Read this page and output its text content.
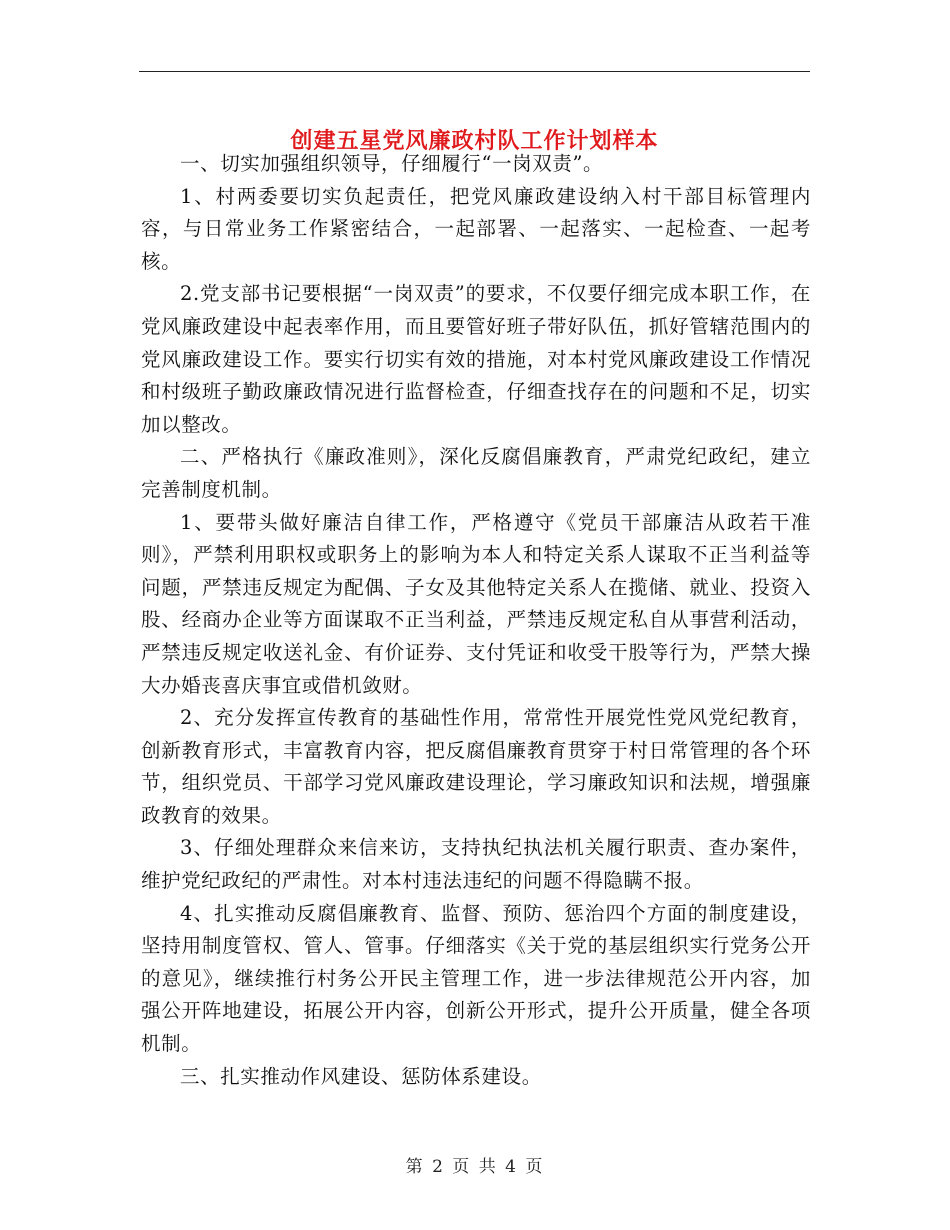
创建五星党风廉政村队工作计划样本

一、切实加强组织领导，仔细履行“一岗双责”。

1、村两委要切实负起责任，把党风廉政建设纳入村干部目标管理内容，与日常业务工作紧密结合，一起部署、一起落实、一起检查、一起考核。

2.党支部书记要根据“一岗双责”的要求，不仅要仔细完成本职工作，在党风廉政建设中起表率作用，而且要管好班子带好队伍，抓好管辖范围内的党风廉政建设工作。要实行切实有效的措施，对本村党风廉政建设工作情况和村级班子勤政廉政情况进行监督检查，仔细查找存在的问题和不足，切实加以整改。

二、严格执行《廉政准则》，深化反腐倡廉教育，严肃党纪政纪，建立完善制度机制。

1、要带头做好廉洁自律工作，严格遵守《党员干部廉洁从政若干准则》，严禁利用职权或职务上的影响为本人和特定关系人谋取不正当利益等问题，严禁违反规定为配偶、子女及其他特定关系人在揽储、就业、投资入股、经商办企业等方面谋取不正当利益，严禁违反规定私自从事营利活动，严禁违反规定收送礼金、有价证券、支付凭证和收受干股等行为，严禁大操大办婚丧喜庆事宜或借机敛财。

2、充分发挥宣传教育的基础性作用，常常性开展党性党风党纪教育，创新教育形式，丰富教育内容，把反腐倡廉教育贯穿于村日常管理的各个环节，组织党员、干部学习党风廉政建设理论，学习廉政知识和法规，增强廉政教育的效果。

3、仔细处理群众来信来访，支持执纪执法机关履行职责、查办案件，维护党纪政纪的严肃性。对本村违法违纪的问题不得隐瞒不报。

4、扎实推动反腐倡廉教育、监督、预防、惩治四个方面的制度建设，坚持用制度管权、管人、管事。仔细落实《关于党的基层组织实行党务公开的意见》，继续推行村务公开民主管理工作，进一步法律规范公开内容，加强公开阵地建设，拓展公开内容，创新公开形式，提升公开质量，健全各项机制。

三、扎实推动作风建设、惩防体系建设。

第 2 页 共 4 页
